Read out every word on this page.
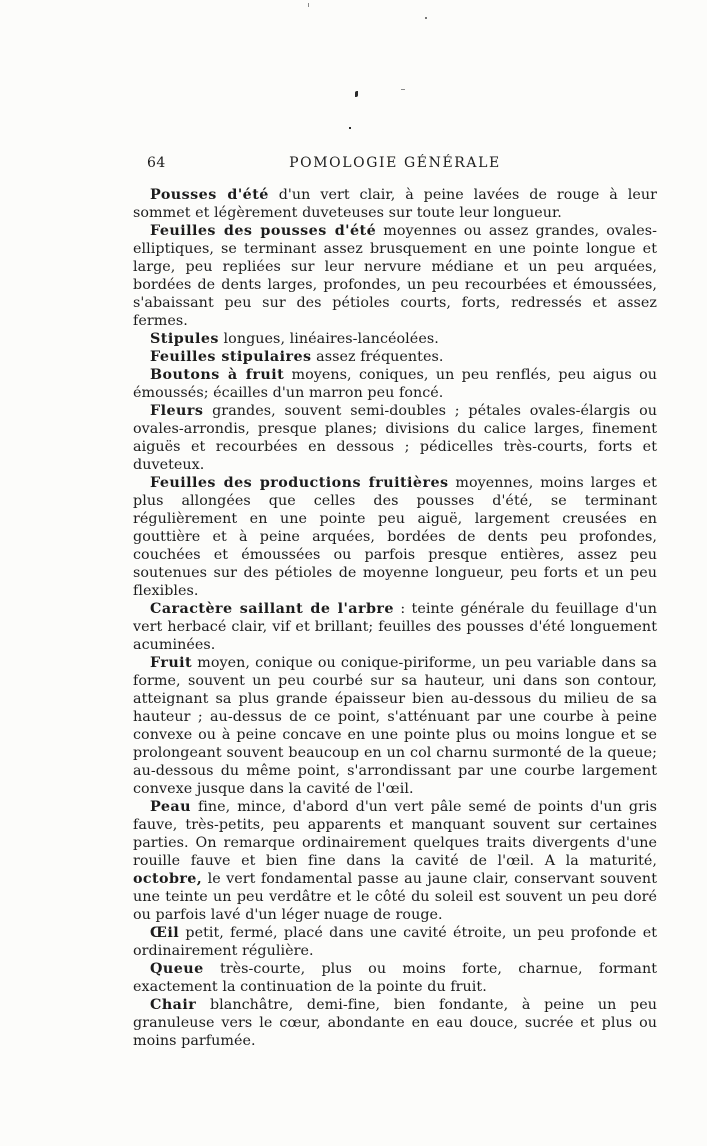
64	POMOLOGIE GÉNÉRALE

Pousses d'été d'un vert clair, à peine lavées de rouge à leur sommet et légèrement duveteuses sur toute leur longueur.

Feuilles des pousses d'été moyennes ou assez grandes, ovales-elliptiques, se terminant assez brusquement en une pointe longue et large, peu repliées sur leur nervure médiane et un peu arquées, bordées de dents larges, profondes, un peu recourbées et émoussées, s'abaissant peu sur des pétioles courts, forts, redressés et assez fermes.

Stipules longues, linéaires-lancéolées.

Feuilles stipulaires assez fréquentes.

Boutons à fruit moyens, coniques, un peu renflés, peu aigus ou émoussés; écailles d'un marron peu foncé.

Fleurs grandes, souvent semi-doubles ; pétales ovales-élargis ou ovales-arrondis, presque planes; divisions du calice larges, finement aiguës et recourbées en dessous ; pédicelles très-courts, forts et duveteux.

Feuilles des productions fruitières moyennes, moins larges et plus allongées que celles des pousses d'été, se terminant régulièrement en une pointe peu aiguë, largement creusées en gouttière et à peine arquées, bordées de dents peu profondes, couchées et émoussées ou parfois presque entières, assez peu soutenues sur des pétioles de moyenne longueur, peu forts et un peu flexibles.

Caractère saillant de l'arbre : teinte générale du feuillage d'un vert herbacé clair, vif et brillant; feuilles des pousses d'été longuement acuminées.

Fruit moyen, conique ou conique-piriforme, un peu variable dans sa forme, souvent un peu courbé sur sa hauteur, uni dans son contour, atteignant sa plus grande épaisseur bien au-dessous du milieu de sa hauteur ; au-dessus de ce point, s'atténuant par une courbe à peine convexe ou à peine concave en une pointe plus ou moins longue et se prolongeant souvent beaucoup en un col charnu surmonté de la queue; au-dessous du même point, s'arrondissant par une courbe largement convexe jusque dans la cavité de l'œil.

Peau fine, mince, d'abord d'un vert pâle semé de points d'un gris fauve, très-petits, peu apparents et manquant souvent sur certaines parties. On remarque ordinairement quelques traits divergents d'une rouille fauve et bien fine dans la cavité de l'œil. A la maturité, octobre, le vert fondamental passe au jaune clair, conservant souvent une teinte un peu verdâtre et le côté du soleil est souvent un peu doré ou parfois lavé d'un léger nuage de rouge.

Œil petit, fermé, placé dans une cavité étroite, un peu profonde et ordinairement régulière.

Queue très-courte, plus ou moins forte, charnue, formant exactement la continuation de la pointe du fruit.

Chair blanchâtre, demi-fine, bien fondante, à peine un peu granuleuse vers le cœur, abondante en eau douce, sucrée et plus ou moins parfumée.
